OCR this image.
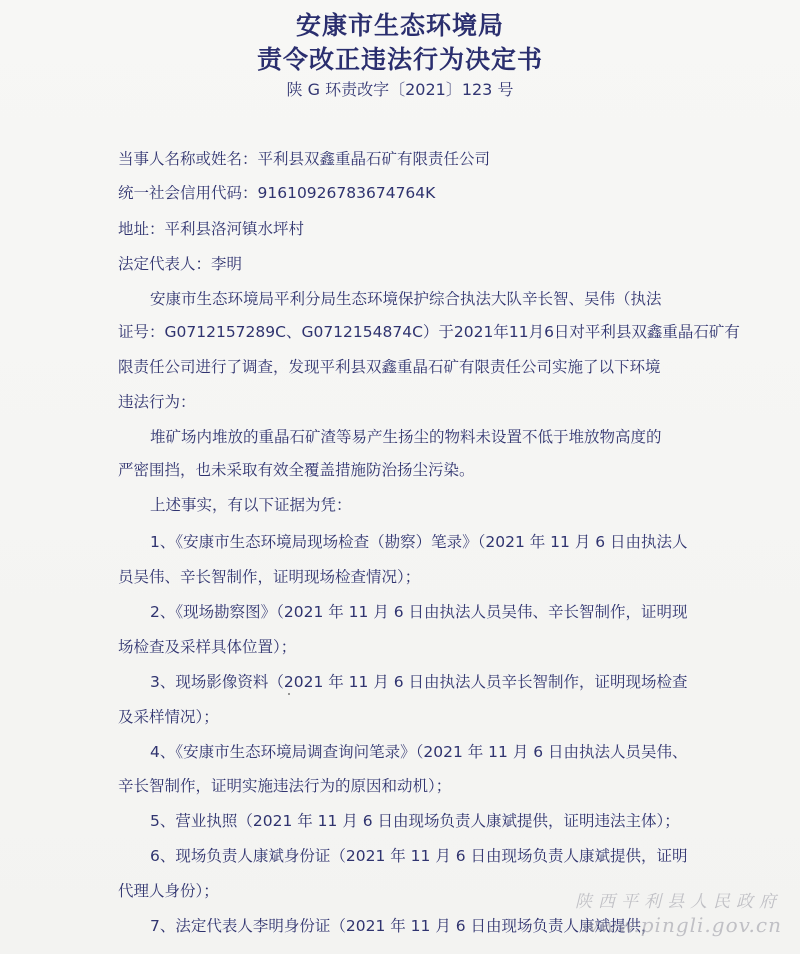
安康市生态环境局
责令改正违法行为决定书
陕 G 环责改字〔2021〕123 号
当事人名称或姓名：平利县双鑫重晶石矿有限责任公司
统一社会信用代码：91610926783674764K
地址：平利县洛河镇水坪村
法定代表人：李明
安康市生态环境局平利分局生态环境保护综合执法大队辛长智、吴伟（执法
证号：G0712157289C、G0712154874C）于2021年11月6日对平利县双鑫重晶石矿有
限责任公司进行了调查，发现平利县双鑫重晶石矿有限责任公司实施了以下环境
违法行为：
堆矿场内堆放的重晶石矿渣等易产生扬尘的物料未设置不低于堆放物高度的
严密围挡，也未采取有效全覆盖措施防治扬尘污染。
上述事实，有以下证据为凭：
1、《安康市生态环境局现场检查（勘察）笔录》（2021 年 11 月 6 日由执法人
员吴伟、辛长智制作，证明现场检查情况）；
2、《现场勘察图》（2021 年 11 月 6 日由执法人员吴伟、辛长智制作，证明现
场检查及采样具体位置）；
3、现场影像资料（2021 年 11 月 6 日由执法人员辛长智制作，证明现场检查
及采样情况）；
4、《安康市生态环境局调查询问笔录》（2021 年 11 月 6 日由执法人员吴伟、
辛长智制作，证明实施违法行为的原因和动机）；
5、营业执照（2021 年 11 月 6 日由现场负责人康斌提供，证明违法主体）；
6、现场负责人康斌身份证（2021 年 11 月 6 日由现场负责人康斌提供，证明
代理人身份）；
7、法定代表人李明身份证（2021 年 11 月 6 日由现场负责人康斌提供，
陕西平利县人民政府
www.pingli.gov.cn
